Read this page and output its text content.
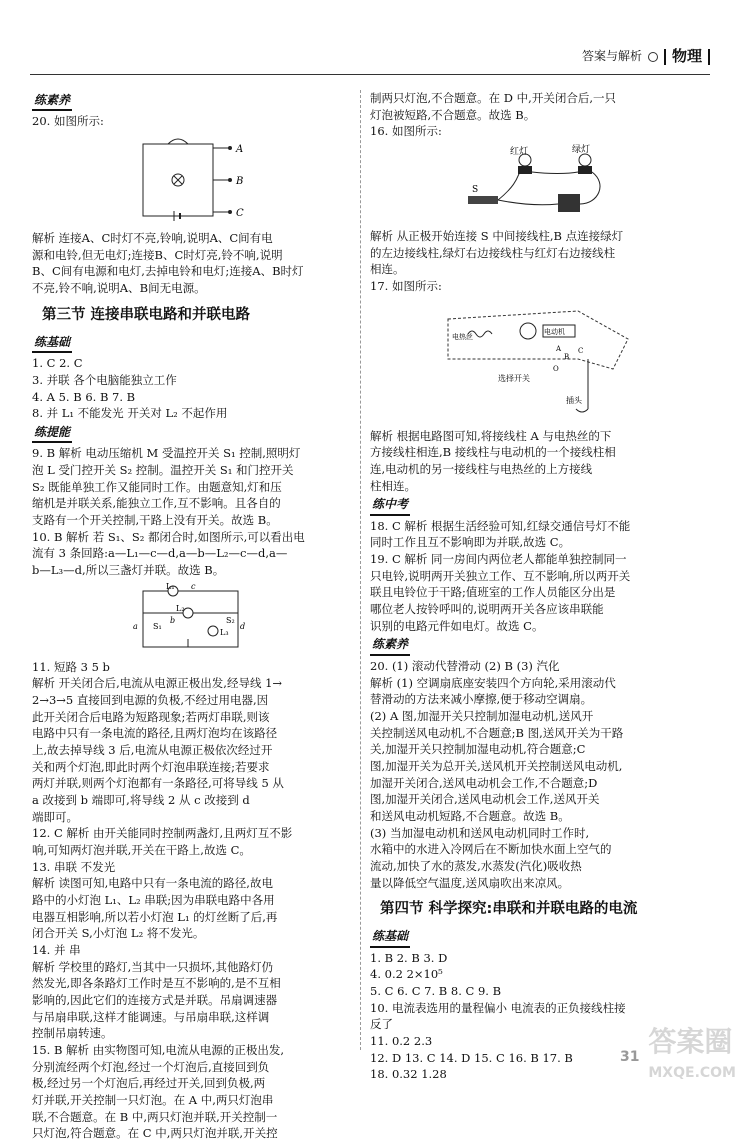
答案与解析 物理
练素养

20. 如图所示:

A
B
C

解析 连接A、C时灯不亮,铃响,说明A、C间有电

源和电铃,但无电灯;连接B、C时灯亮,铃不响,说明

B、C间有电源和电灯,去掉电铃和电灯;连接A、B时灯

不亮,铃不响,说明A、B间无电源。

第三节 连接串联电路和并联电路
练基础

1. C 2. C

3. 并联 各个电脑能独立工作

4. A 5. B 6. B 7. B

8. 并 L₁ 不能发光 开关对 L₂ 不起作用

练提能

9. B 解析 电动压缩机 M 受温控开关 S₁ 控制,照明灯

泡 L 受门控开关 S₂ 控制。温控开关 S₁ 和门控开关

S₂ 既能单独工作又能同时工作。由题意知,灯和压

缩机是并联关系,能独立工作,互不影响。且各自的

支路有一个开关控制,干路上没有开关。故选 B。

10. B 解析 若 S₁、S₂ 都闭合时,如图所示,可以看出电

流有 3 条回路:a—L₁—c—d,a—b—L₂—c—d,a—

b—L₃—d,所以三盏灯并联。故选 B。

L₁
L₂
L₃
S₁
S₂
a
c
d
b

11. 短路 3 5 b

解析 开关闭合后,电流从电源正极出发,经导线 1→

2→3→5 直接回到电源的负极,不经过用电器,因

此开关闭合后电路为短路现象;若两灯串联,则该

电路中只有一条电流的路径,且两灯泡均在该路径

上,故去掉导线 3 后,电流从电源正极依次经过开

关和两个灯泡,即此时两个灯泡串联连接;若要求

两灯并联,则两个灯泡都有一条路径,可将导线 5 从

a 改接到 b 端即可,将导线 2 从 c 改接到 d

端即可。

12. C 解析 由开关能同时控制两盏灯,且两灯互不影

响,可知两灯泡并联,开关在干路上,故选 C。

13. 串联 不发光

解析 读图可知,电路中只有一条电流的路径,故电

路中的小灯泡 L₁、L₂ 串联;因为串联电路中各用

电器互相影响,所以若小灯泡 L₁ 的灯丝断了后,再

闭合开关 S,小灯泡 L₂ 将不发光。

14. 并 串

解析 学校里的路灯,当其中一只损坏,其他路灯仍

然发光,即各条路灯工作时是互不影响的,是不互相

影响的,因此它们的连接方式是并联。吊扇调速器

与吊扇串联,这样才能调速。与吊扇串联,这样调

控制吊扇转速。

15. B 解析 由实物图可知,电流从电源的正极出发,

分别流经两个灯泡,经过一个灯泡后,直接回到负

极,经过另一个灯泡后,再经过开关,回到负极,两

灯并联,开关控制一只灯泡。在 A 中,两只灯泡串

联,不合题意。在 B 中,两只灯泡并联,开关控制一

只灯泡,符合题意。在 C 中,两只灯泡并联,开关控

制两只灯泡,不合题意。在 D 中,开关闭合后,一只

灯泡被短路,不合题意。故选 B。

16. 如图所示:

红灯	绿灯
S

解析 从正极开始连接 S 中间接线柱,B 点连接绿灯

的左边接线柱,绿灯右边接线柱与红灯右边接线柱

相连。

17. 如图所示:

电热丝
电动机
选择开关
插头
A
B
C
O

解析 根据电路图可知,将接线柱 A 与电热丝的下

方接线柱相连,B 接线柱与电动机的一个接线柱相

连,电动机的另一接线柱与电热丝的上方接线

柱相连。

练中考

18. C 解析 根据生活经验可知,红绿交通信号灯不能

同时工作且互不影响即为并联,故选 C。

19. C 解析 同一房间内两位老人都能单独控制同一

只电铃,说明两开关独立工作、互不影响,所以两开关

联且电铃位于干路;值班室的工作人员能区分出是

哪位老人按铃呼叫的,说明两开关各应该串联能

识别的电路元件如电灯。故选 C。

练素养

20. (1) 滚动代替滑动 (2) B (3) 汽化

解析 (1) 空调扇底座安装四个方向轮,采用滚动代

替滑动的方法来减小摩擦,便于移动空调扇。

(2) A 图,加湿开关只控制加湿电动机,送风开

关控制送风电动机,不合题意;B 图,送风开关为干路

关,加湿开关只控制加湿电动机,符合题意;C

图,加湿开关为总开关,送风机开关控制送风电动机,

加湿开关闭合,送风电动机会工作,不合题意;D

图,加湿开关闭合,送风电动机会工作,送风开关

和送风电动机短路,不合题意。故选 B。

(3) 当加湿电动机和送风电动机同时工作时,

水箱中的水进入冷网后在不断加快水面上空气的

流动,加快了水的蒸发,水蒸发(汽化)吸收热

量以降低空气温度,送风扇吹出来凉风。

第四节 科学探究:串联和并联电路的电流
练基础

1. B 2. B 3. D

4. 0.2 2×10⁵

5. C 6. C 7. B 8. C 9. B

10. 电流表选用的量程偏小 电流表的正负接线柱接

反了

11. 0.2 2.3

12. D 13. C 14. D 15. C 16. B 17. B

18. 0.32 1.28

31 答案圈
MXQE.COM
